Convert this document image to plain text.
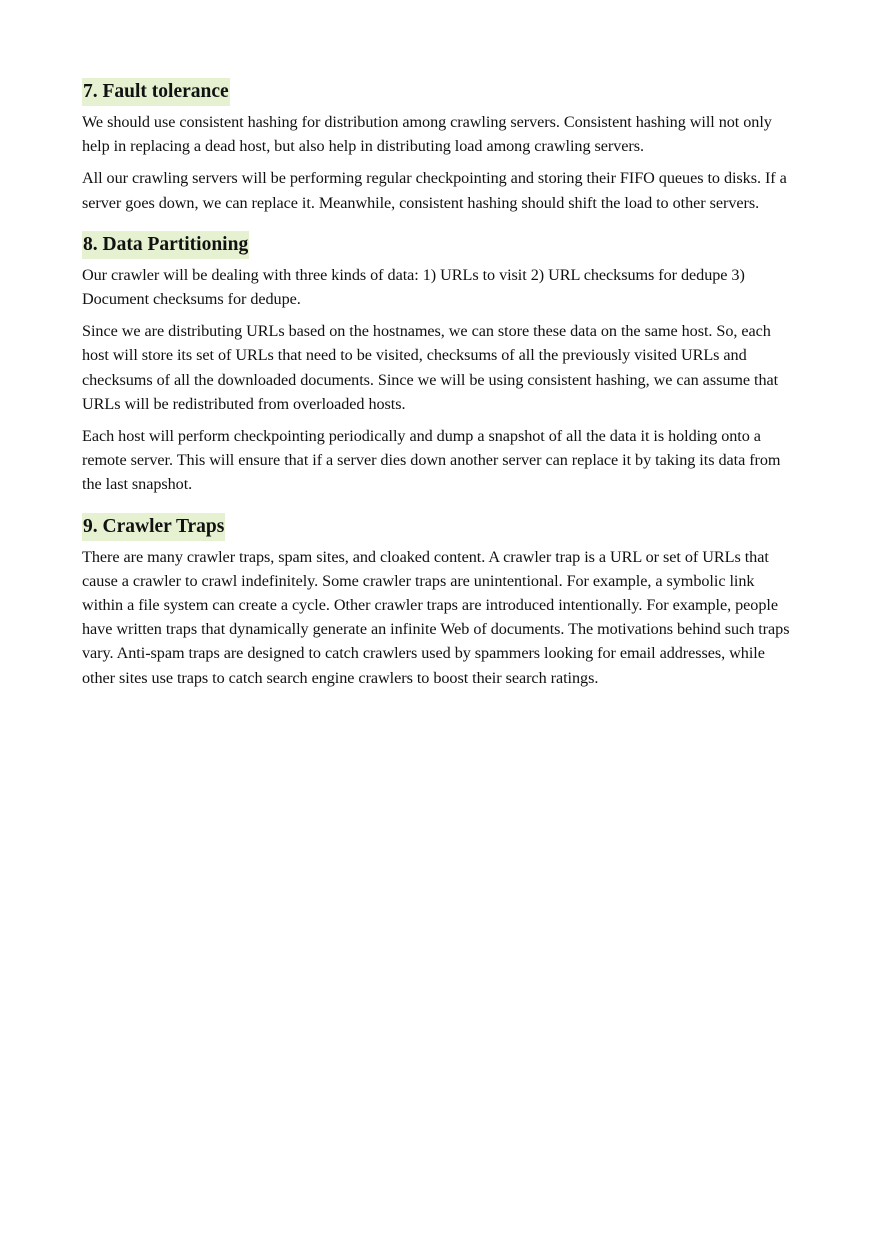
7. Fault tolerance

We should use consistent hashing for distribution among crawling servers. Consistent hashing will not only help in replacing a dead host, but also help in distributing load among crawling servers.

All our crawling servers will be performing regular checkpointing and storing their FIFO queues to disks. If a server goes down, we can replace it. Meanwhile, consistent hashing should shift the load to other servers.

8. Data Partitioning

Our crawler will be dealing with three kinds of data: 1) URLs to visit 2) URL checksums for dedupe 3) Document checksums for dedupe.

Since we are distributing URLs based on the hostnames, we can store these data on the same host. So, each host will store its set of URLs that need to be visited, checksums of all the previously visited URLs and checksums of all the downloaded documents. Since we will be using consistent hashing, we can assume that URLs will be redistributed from overloaded hosts.

Each host will perform checkpointing periodically and dump a snapshot of all the data it is holding onto a remote server. This will ensure that if a server dies down another server can replace it by taking its data from the last snapshot.

9. Crawler Traps

There are many crawler traps, spam sites, and cloaked content. A crawler trap is a URL or set of URLs that cause a crawler to crawl indefinitely. Some crawler traps are unintentional. For example, a symbolic link within a file system can create a cycle. Other crawler traps are introduced intentionally. For example, people have written traps that dynamically generate an infinite Web of documents. The motivations behind such traps vary. Anti-spam traps are designed to catch crawlers used by spammers looking for email addresses, while other sites use traps to catch search engine crawlers to boost their search ratings.
